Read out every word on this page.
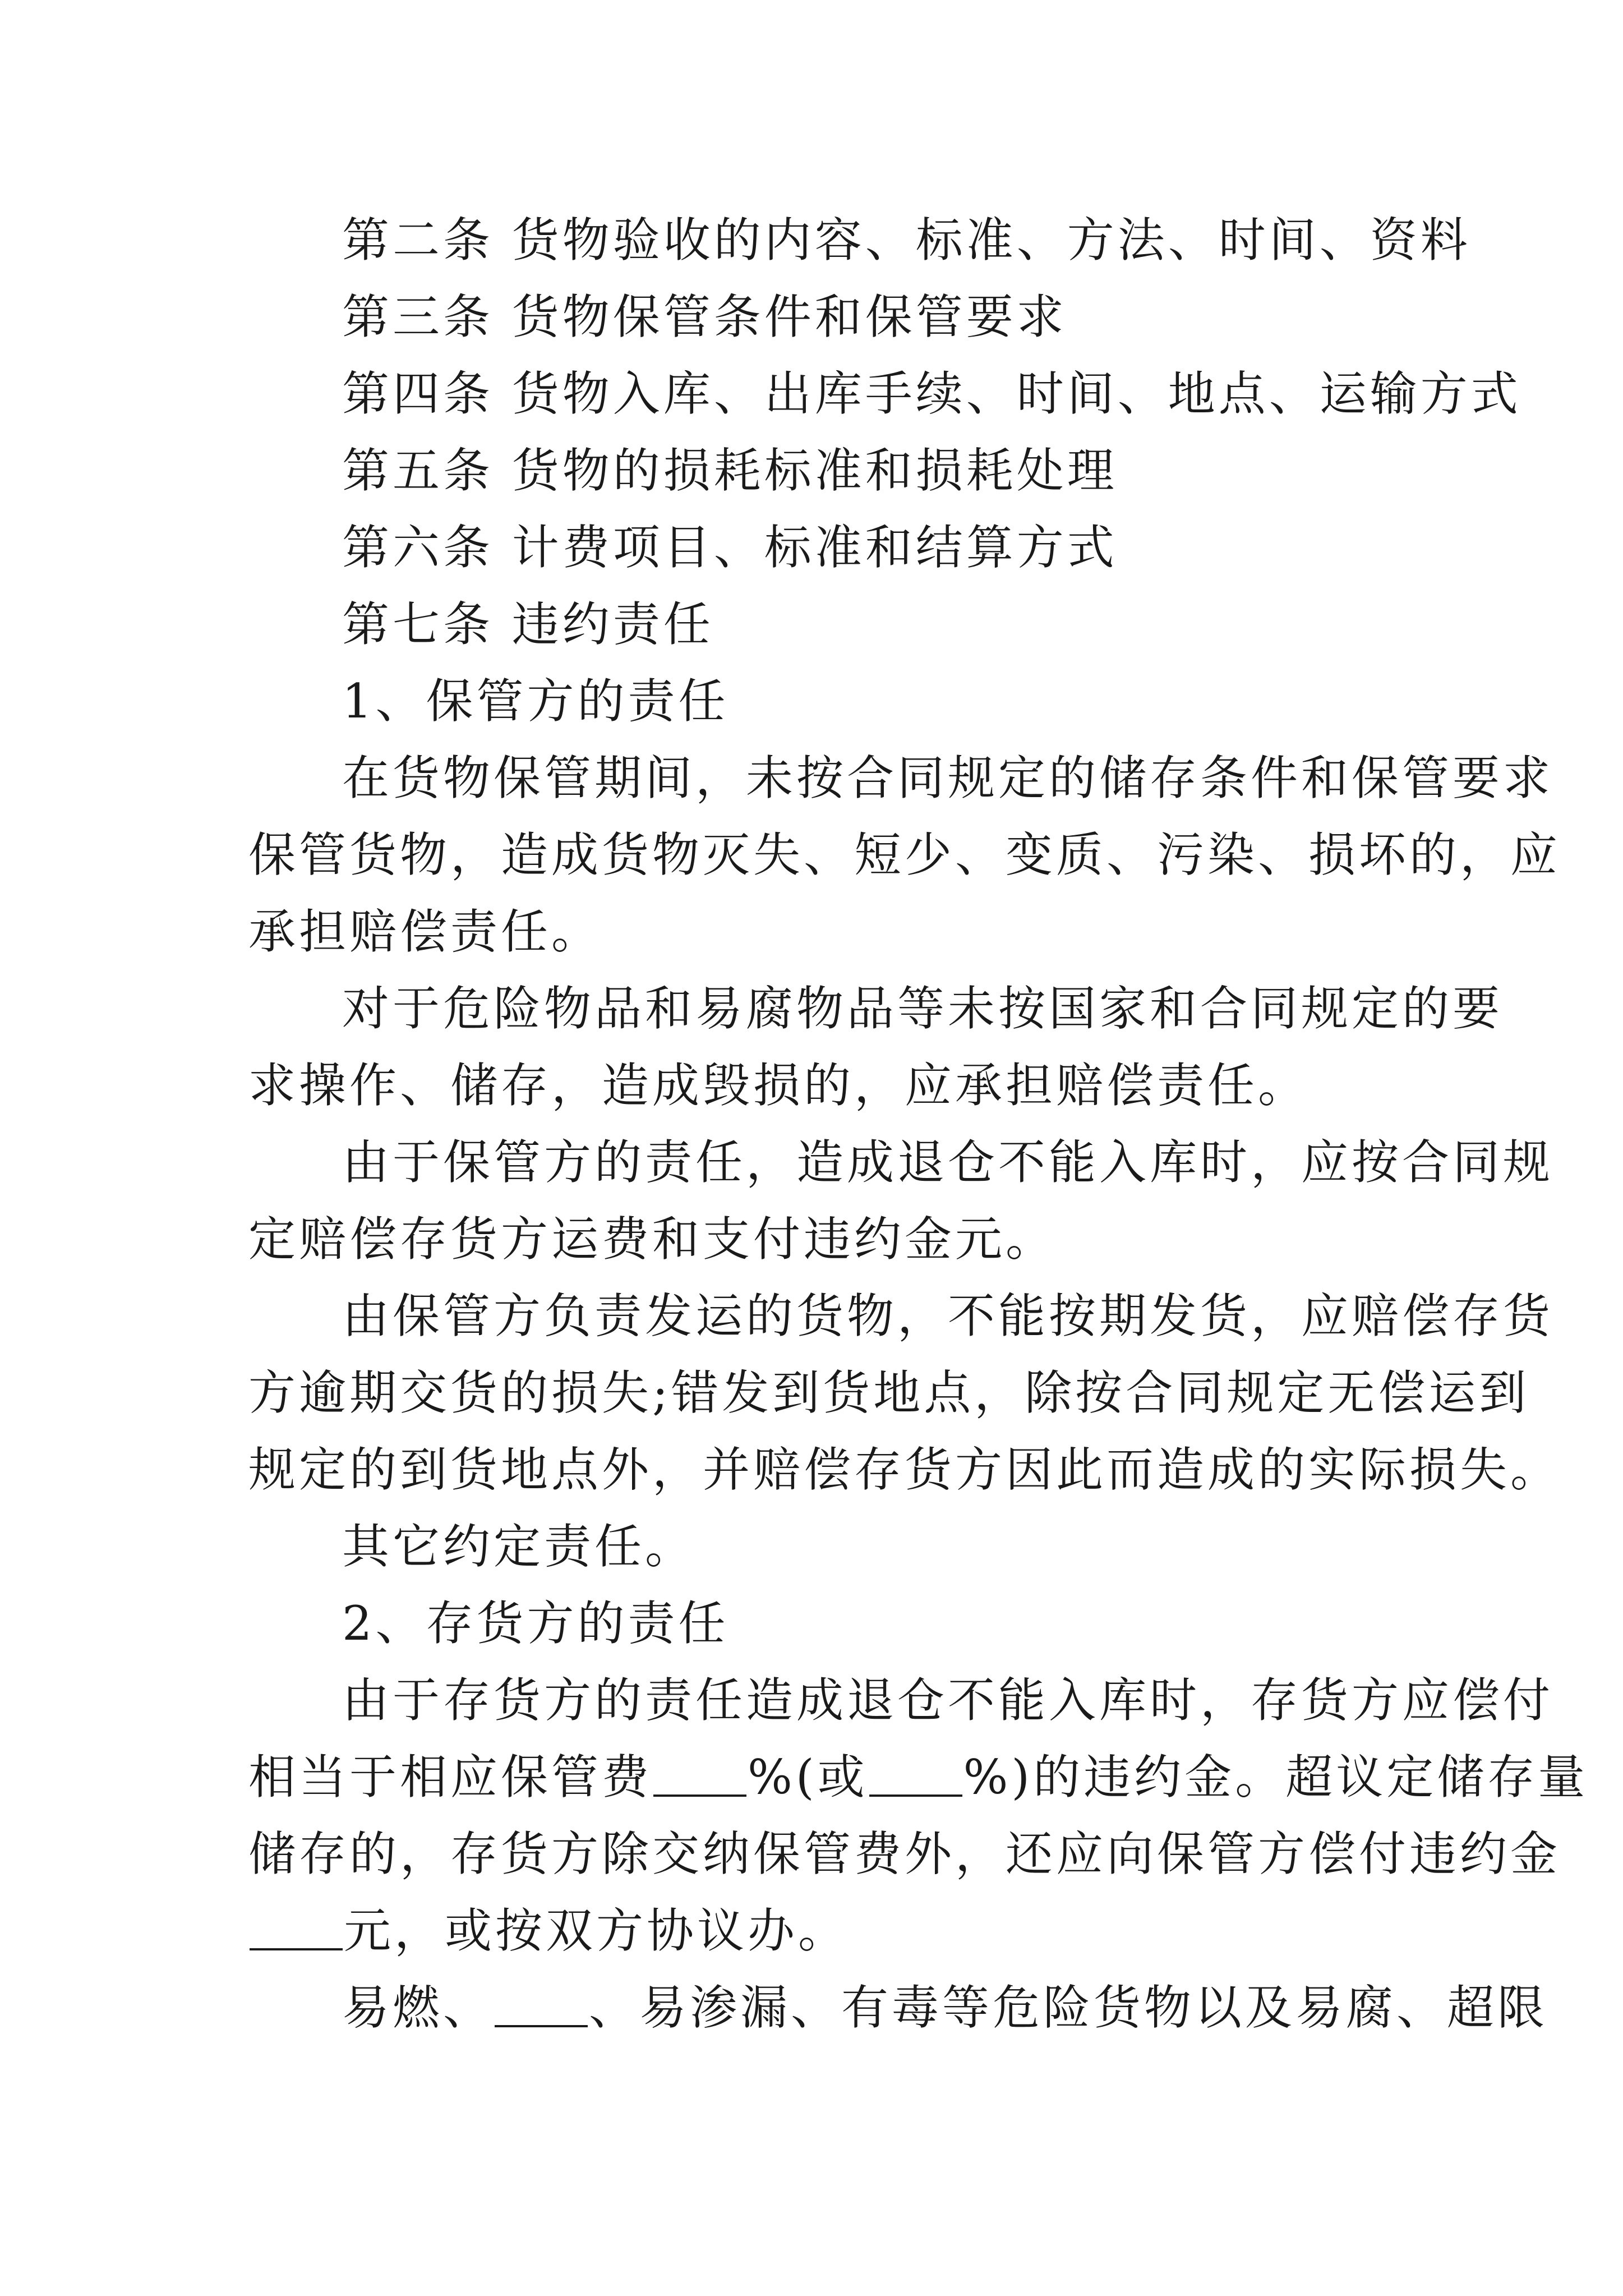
第二条 货物验收的内容、标准、方法、时间、资料
第三条 货物保管条件和保管要求
第四条 货物入库、出库手续、时间、地点、运输方式
第五条 货物的损耗标准和损耗处理
第六条 计费项目、标准和结算方式
第七条 违约责任
1、保管方的责任
在货物保管期间，未按合同规定的储存条件和保管要求
保管货物，造成货物灭失、短少、变质、污染、损坏的，应
承担赔偿责任。
对于危险物品和易腐物品等未按国家和合同规定的要
求操作、储存，造成毁损的，应承担赔偿责任。
由于保管方的责任，造成退仓不能入库时，应按合同规
定赔偿存货方运费和支付违约金元。
由保管方负责发运的货物，不能按期发货，应赔偿存货
方逾期交货的损失;错发到货地点，除按合同规定无偿运到
规定的到货地点外，并赔偿存货方因此而造成的实际损失。
其它约定责任。
2、存货方的责任
由于存货方的责任造成退仓不能入库时，存货方应偿付
相当于相应保管费 %(或 %)的违约金。超议定储存量
储存的，存货方除交纳保管费外，还应向保管方偿付违约金
元，或按双方协议办。
易燃、 、易渗漏、有毒等危险货物以及易腐、超限
